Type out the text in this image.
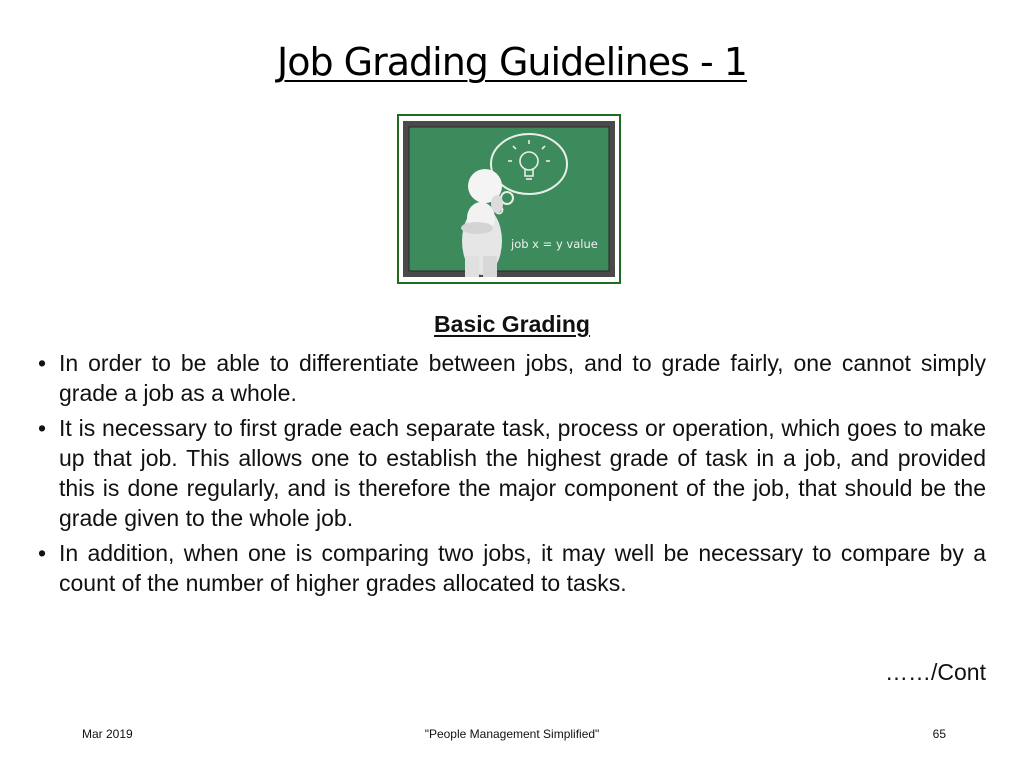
Job Grading Guidelines - 1
job x = y value
Basic Grading
• In order to be able to differentiate between jobs, and to grade fairly, one cannot simply grade a job as a whole.
• It is necessary to first grade each separate task, process or operation, which goes to make up that job. This allows one to establish the highest grade of task in a job, and provided this is done regularly, and is therefore the major component of the job, that should be the grade given to the whole job.
• In addition, when one is comparing two jobs, it may well be necessary to compare by a count of the number of higher grades allocated to tasks.
……/Cont
Mar 2019	"People Management Simplified"	65
